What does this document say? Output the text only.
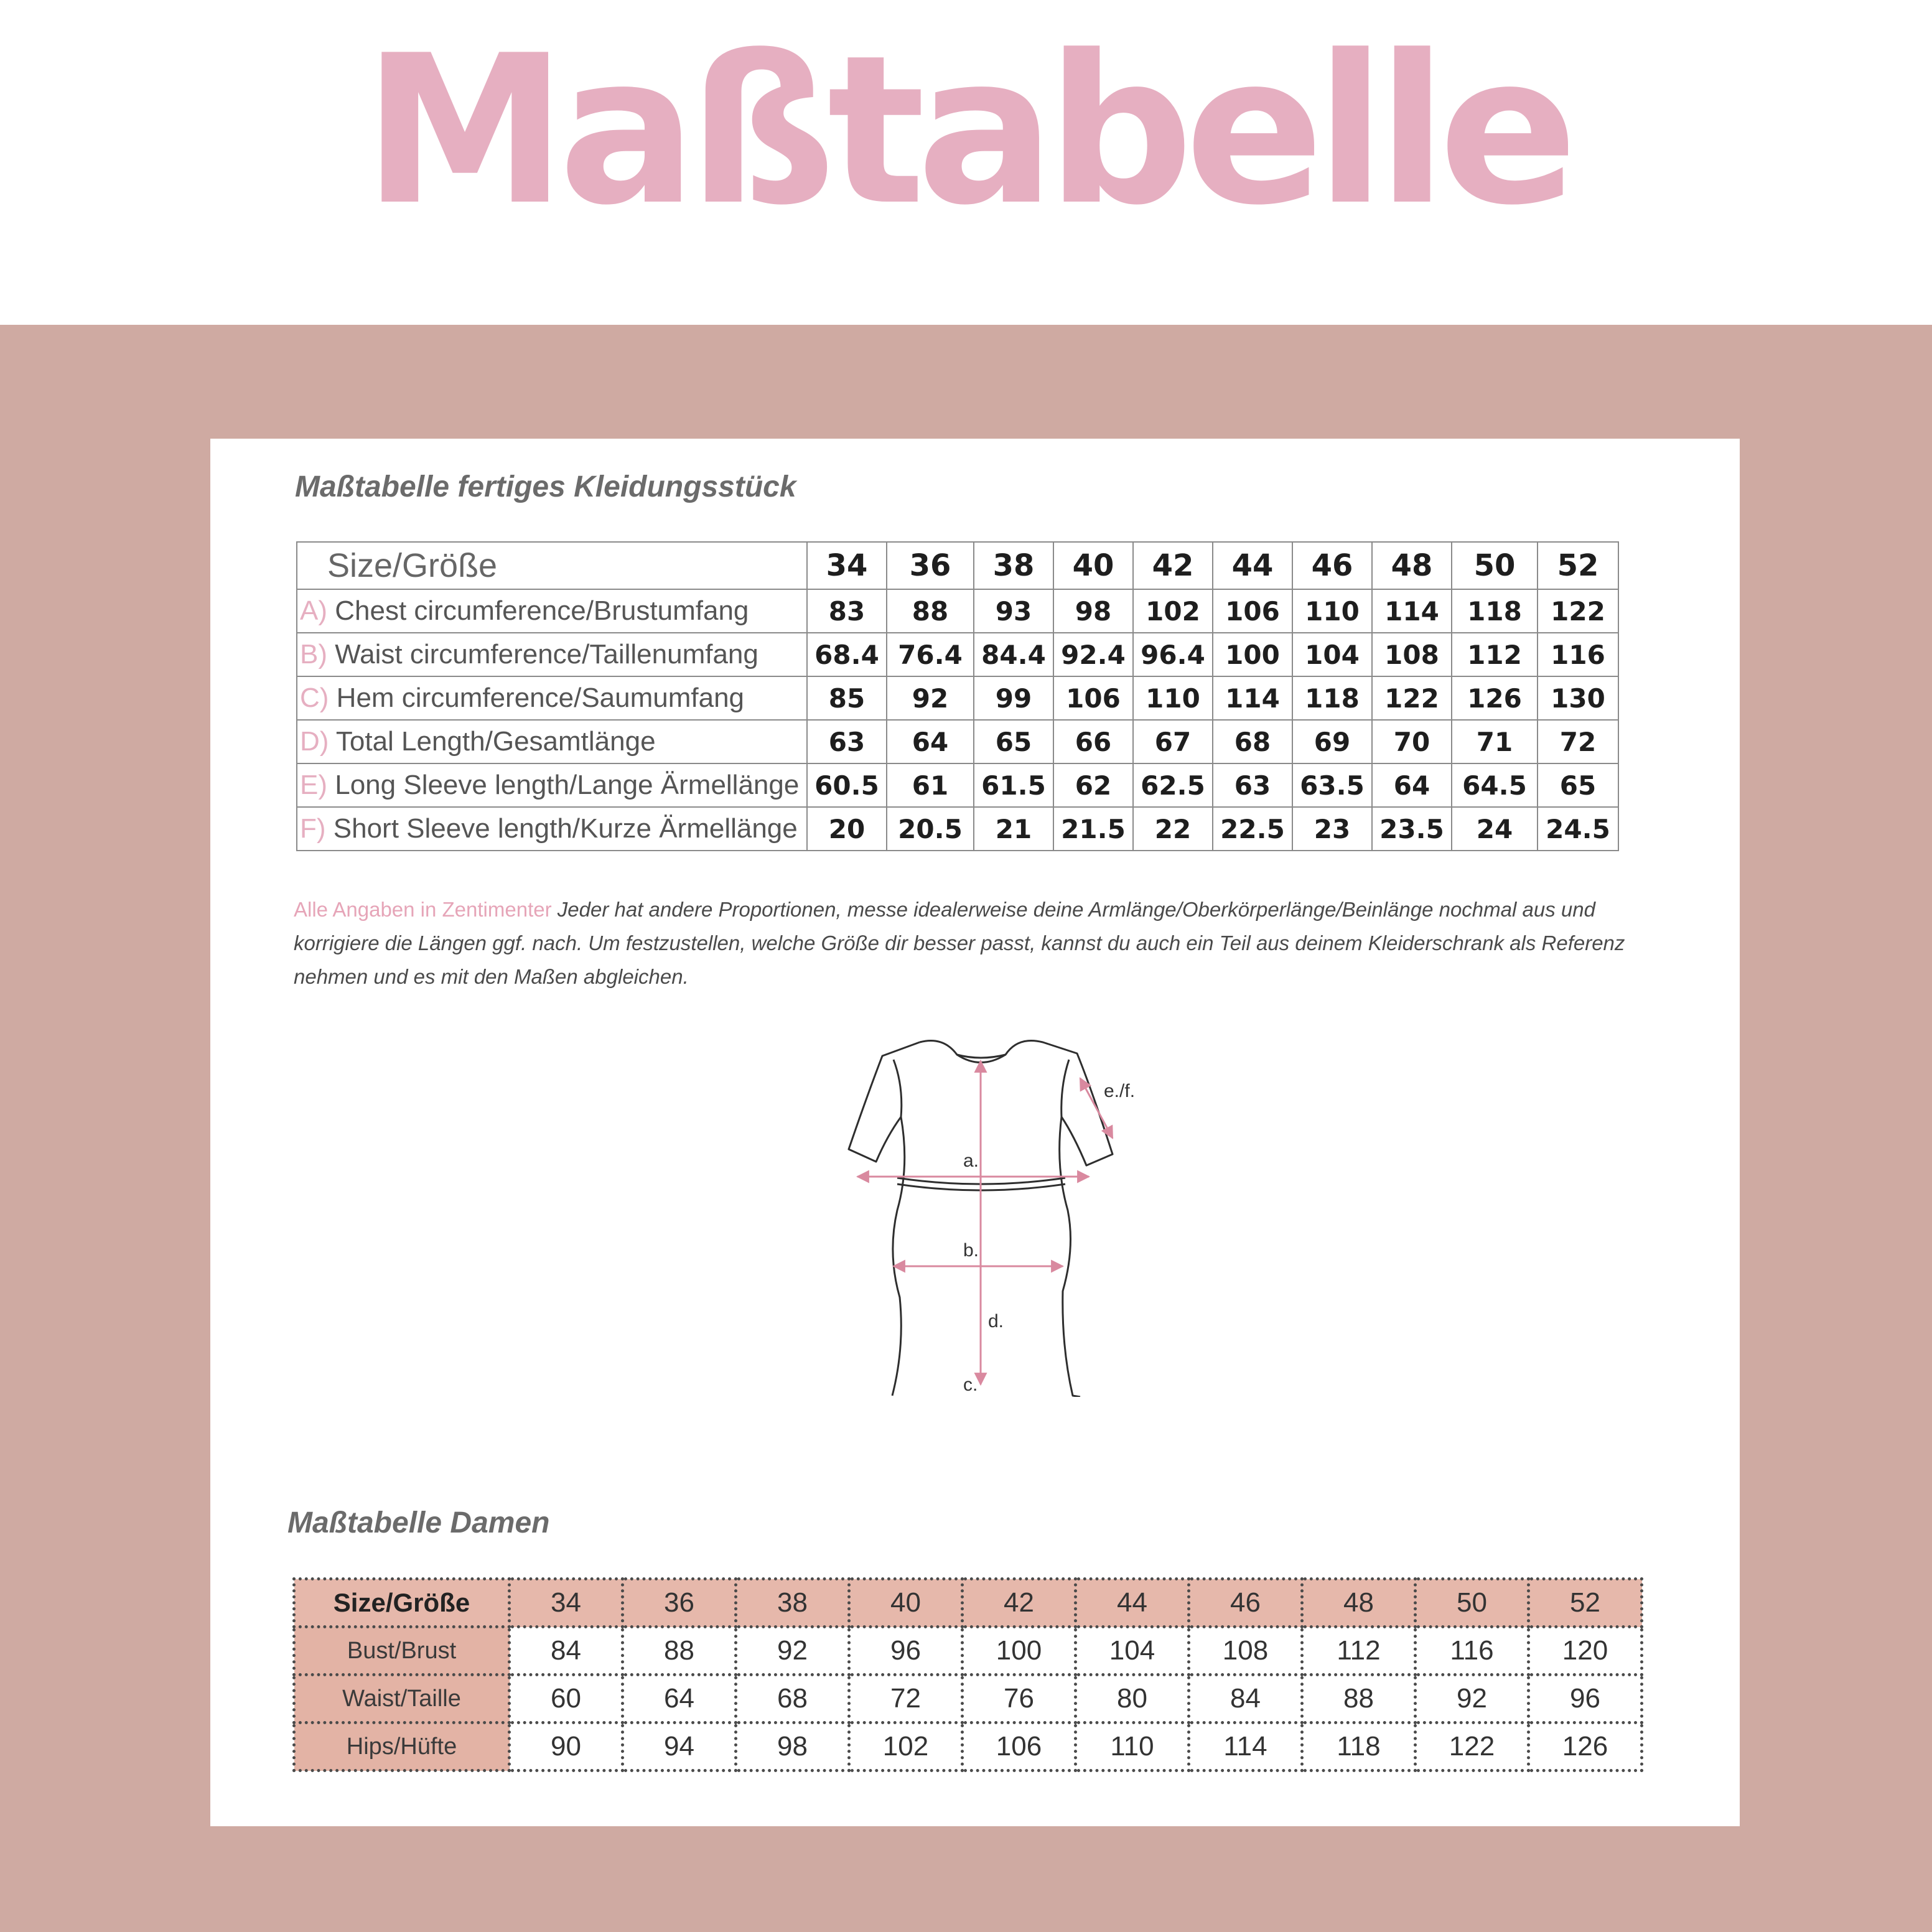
Maßtabelle
Maßtabelle fertiges Kleidungsstück
Size/Größe	34	36	38	40	42	44	46	48	50	52
A) Chest circumference/Brustumfang	83	88	93	98	102	106	110	114	118	122
B) Waist circumference/Taillenumfang	68.4	76.4	84.4	92.4	96.4	100	104	108	112	116
C) Hem circumference/Saumumfang	85	92	99	106	110	114	118	122	126	130
D) Total Length/Gesamtlänge	63	64	65	66	67	68	69	70	71	72
E) Long Sleeve length/Lange Ärmellänge	60.5	61	61.5	62	62.5	63	63.5	64	64.5	65
F) Short Sleeve length/Kurze Ärmellänge	20	20.5	21	21.5	22	22.5	23	23.5	24	24.5
Alle Angaben in Zentimenter Jeder hat andere Proportionen, messe idealerweise deine Armlänge/Oberkörperlänge/Beinlänge nochmal aus und korrigiere die Längen ggf. nach. Um festzustellen, welche Größe dir besser passt, kannst du auch ein Teil aus deinem Kleiderschrank als Referenz nehmen und es mit den Maßen abgleichen.
a.
b.
c.
d.
e./f.
Maßtabelle Damen
Size/Größe	34	36	38	40	42	44	46	48	50	52
Bust/Brust	84	88	92	96	100	104	108	112	116	120
Waist/Taille	60	64	68	72	76	80	84	88	92	96
Hips/Hüfte	90	94	98	102	106	110	114	118	122	126
